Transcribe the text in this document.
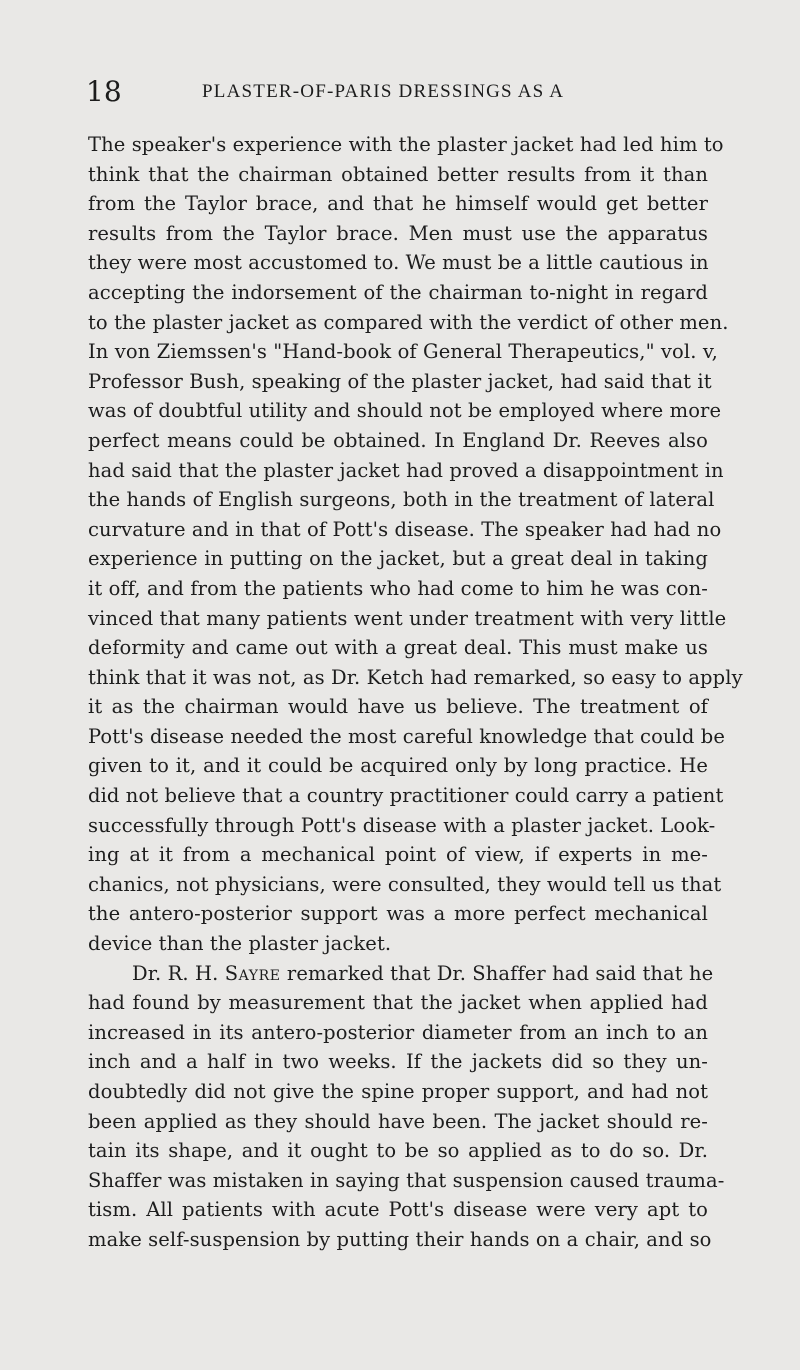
18	PLASTER-OF-PARIS DRESSINGS AS A

The speaker's experience with the plaster jacket had led him to
think that the chairman obtained better results from it than
from the Taylor brace, and that he himself would get better
results from the Taylor brace. Men must use the apparatus
they were most accustomed to. We must be a little cautious in
accepting the indorsement of the chairman to-night in regard
to the plaster jacket as compared with the verdict of other men.
In von Ziemssen's "Hand-book of General Therapeutics," vol. v,
Professor Bush, speaking of the plaster jacket, had said that it
was of doubtful utility and should not be employed where more
perfect means could be obtained. In England Dr. Reeves also
had said that the plaster jacket had proved a disappointment in
the hands of English surgeons, both in the treatment of lateral
curvature and in that of Pott's disease. The speaker had had no
experience in putting on the jacket, but a great deal in taking
it off, and from the patients who had come to him he was con-
vinced that many patients went under treatment with very little
deformity and came out with a great deal. This must make us
think that it was not, as Dr. Ketch had remarked, so easy to apply
it as the chairman would have us believe. The treatment of
Pott's disease needed the most careful knowledge that could be
given to it, and it could be acquired only by long practice. He
did not believe that a country practitioner could carry a patient
successfully through Pott's disease with a plaster jacket. Look-
ing at it from a mechanical point of view, if experts in me-
chanics, not physicians, were consulted, they would tell us that
the antero-posterior support was a more perfect mechanical
device than the plaster jacket.

Dr. R. H. Sayre remarked that Dr. Shaffer had said that he
had found by measurement that the jacket when applied had
increased in its antero-posterior diameter from an inch to an
inch and a half in two weeks. If the jackets did so they un-
doubtedly did not give the spine proper support, and had not
been applied as they should have been. The jacket should re-
tain its shape, and it ought to be so applied as to do so. Dr.
Shaffer was mistaken in saying that suspension caused trauma-
tism. All patients with acute Pott's disease were very apt to
make self-suspension by putting their hands on a chair, and so
